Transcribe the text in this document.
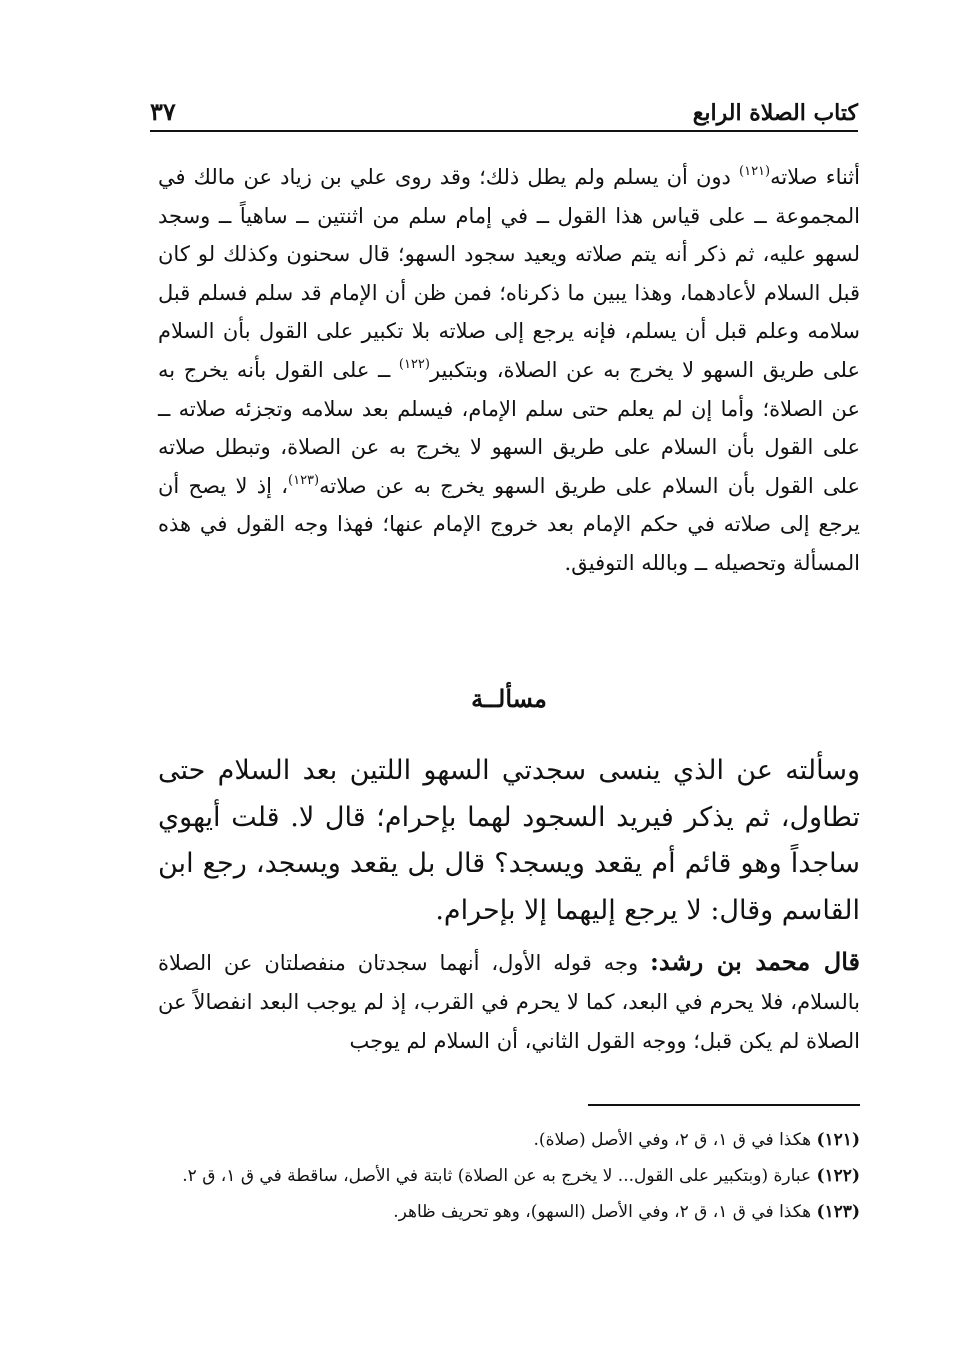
كتاب الصلاة الرابع
٣٧

أثناء صلاته$^{(١٢١)}$ دون أن يسلم ولم يطل ذلك؛ وقد روى علي بن زياد عن مالك في المجموعة ــ على قياس هذا القول ــ في إمام سلم من اثنتين ــ ساهياً ــ وسجد لسهو عليه، ثم ذكر أنه يتم صلاته ويعيد سجود السهو؛ قال سحنون وكذلك لو كان قبل السلام لأعادهما، وهذا يبين ما ذكرناه؛ فمن ظن أن الإمام قد سلم فسلم قبل سلامه وعلم قبل أن يسلم، فإنه يرجع إلى صلاته بلا تكبير على القول بأن السلام على طريق السهو لا يخرج به عن الصلاة، وبتكبير$^{(١٢٢)}$ ــ على القول بأنه يخرج به عن الصلاة؛ وأما إن لم يعلم حتى سلم الإمام، فيسلم بعد سلامه وتجزئه صلاته ــ على القول بأن السلام على طريق السهو لا يخرج به عن الصلاة، وتبطل صلاته على القول بأن السلام على طريق السهو يخرج به عن صلاته$^{(١٢٣)}$، إذ لا يصح أن يرجع إلى صلاته في حكم الإمام بعد خروج الإمام عنها؛ فهذا وجه القول في هذه المسألة وتحصيله ــ وبالله التوفيق.

مسألــة

وسألته عن الذي ينسى سجدتي السهو اللتين بعد السلام حتى تطاول، ثم يذكر فيريد السجود لهما بإحرام؛ قال لا. قلت أيهوي ساجداً وهو قائم أم يقعد ويسجد؟ قال بل يقعد ويسجد، رجع ابن القاسم وقال: لا يرجع إليهما إلا بإحرام.

قال محمد بن رشد: وجه قوله الأول، أنهما سجدتان منفصلتان عن الصلاة بالسلام، فلا يحرم في البعد، كما لا يحرم في القرب، إذ لم يوجب البعد انفصالاً عن الصلاة لم يكن قبل؛ ووجه القول الثاني، أن السلام لم يوجب

(١٢١) هكذا في ق ١، ق ٢، وفي الأصل (صلاة).

(١٢٢) عبارة (وبتكبير على القول... لا يخرج به عن الصلاة) ثابتة في الأصل، ساقطة في ق ١، ق ٢.

(١٢٣) هكذا في ق ١، ق ٢، وفي الأصل (السهو)، وهو تحريف ظاهر.
